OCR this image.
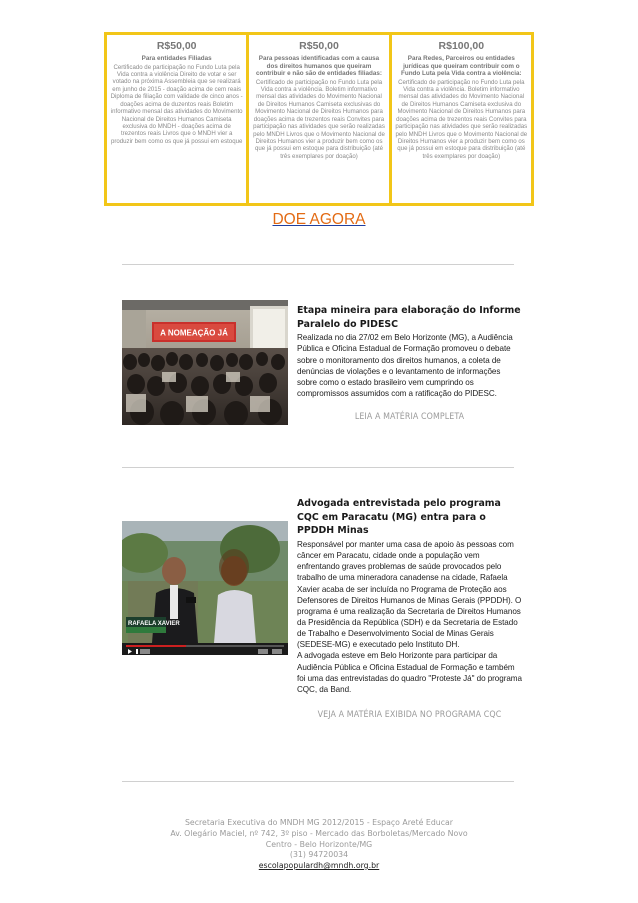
R$50,00
Para entidades Filiadas
Certificado de participação no Fundo Luta pela Vida contra a violência Direito de votar e ser votado na próxima Assembleia que se realizará em junho de 2015 - doação acima de cem reais Diploma de filiação com validade de cinco anos - doações acima de duzentos reais Boletim informativo mensal das atividades do Movimento Nacional de Direitos Humanos Camiseta exclusiva do MNDH - doações acima de trezentos reais Livros que o MNDH vier a produzir bem como os que já possui em estoque
R$50,00
Para pessoas identificadas com a causa dos direitos humanos que queiram contribuir e não são de entidades filiadas:
Certificado de participação no Fundo Luta pela Vida contra a violência. Boletim informativo mensal das atividades do Movimento Nacional de Direitos Humanos Camiseta exclusivas do Movimento Nacional de Direitos Humanos para doações acima de trezentos reais Convites para participação nas atividades que serão realizadas pelo MNDH Livros que o Movimento Nacional de Direitos Humanos vier a produzir bem como os que já possui em estoque para distribuição (até três exemplares por doação)
R$100,00
Para Redes, Parceiros ou entidades jurídicas que queiram contribuir com o Fundo Luta pela Vida contra a violência:
Certificado de participação no Fundo Luta pela Vida contra a violência. Boletim informativo mensal das atividades do Movimento Nacional de Direitos Humanos Camiseta exclusiva do Movimento Nacional de Direitos Humanos para doações acima de trezentos reais Convites para participação nas atividades que serão realizadas pelo MNDH Livros que o Movimento Nacional de Direitos Humanos vier a produzir bem como os que já possui em estoque para distribuição (até três exemplares por doação)
DOE AGORA
A NOMEAÇÃO JÁ

Etapa mineira para elaboração do Informe Paralelo do PIDESC

Realizada no dia 27/02 em Belo Horizonte (MG), a Audiência Pública e Oficina Estadual de Formação promoveu o debate sobre o monitoramento dos direitos humanos, a coleta de denúncias de violações e o levantamento de informações sobre como o estado brasileiro vem cumprindo os compromissos assumidos com a ratificação do PIDESC.

LEIA A MATÉRIA COMPLETA
RAFAELA XAVIER

Advogada entrevistada pelo programa CQC em Paracatu (MG) entra para o PPDDH Minas

Responsável por manter uma casa de apoio às pessoas com câncer em Paracatu, cidade onde a população vem enfrentando graves problemas de saúde provocados pelo trabalho de uma mineradora canadense na cidade, Rafaela Xavier acaba de ser incluída no Programa de Proteção aos Defensores de Direitos Humanos de Minas Gerais (PPDDH). O programa é uma realização da Secretaria de Direitos Humanos da Presidência da República (SDH) e da Secretaria de Estado de Trabalho e Desenvolvimento Social de Minas Gerais (SEDESE-MG) e executado pelo Instituto DH.
A advogada esteve em Belo Horizonte para participar da Audiência Pública e Oficina Estadual de Formação e também foi uma das entrevistadas do quadro "Proteste Já" do programa CQC, da Band.

VEJA A MATÉRIA EXIBIDA NO PROGRAMA CQC
Secretaria Executiva do MNDH MG 2012/2015 - Espaço Areté Educar
Av. Olegário Maciel, nº 742, 3º piso - Mercado das Borboletas/Mercado Novo
Centro - Belo Horizonte/MG
(31) 94720034
escolapopulardh@mndh.org.br
